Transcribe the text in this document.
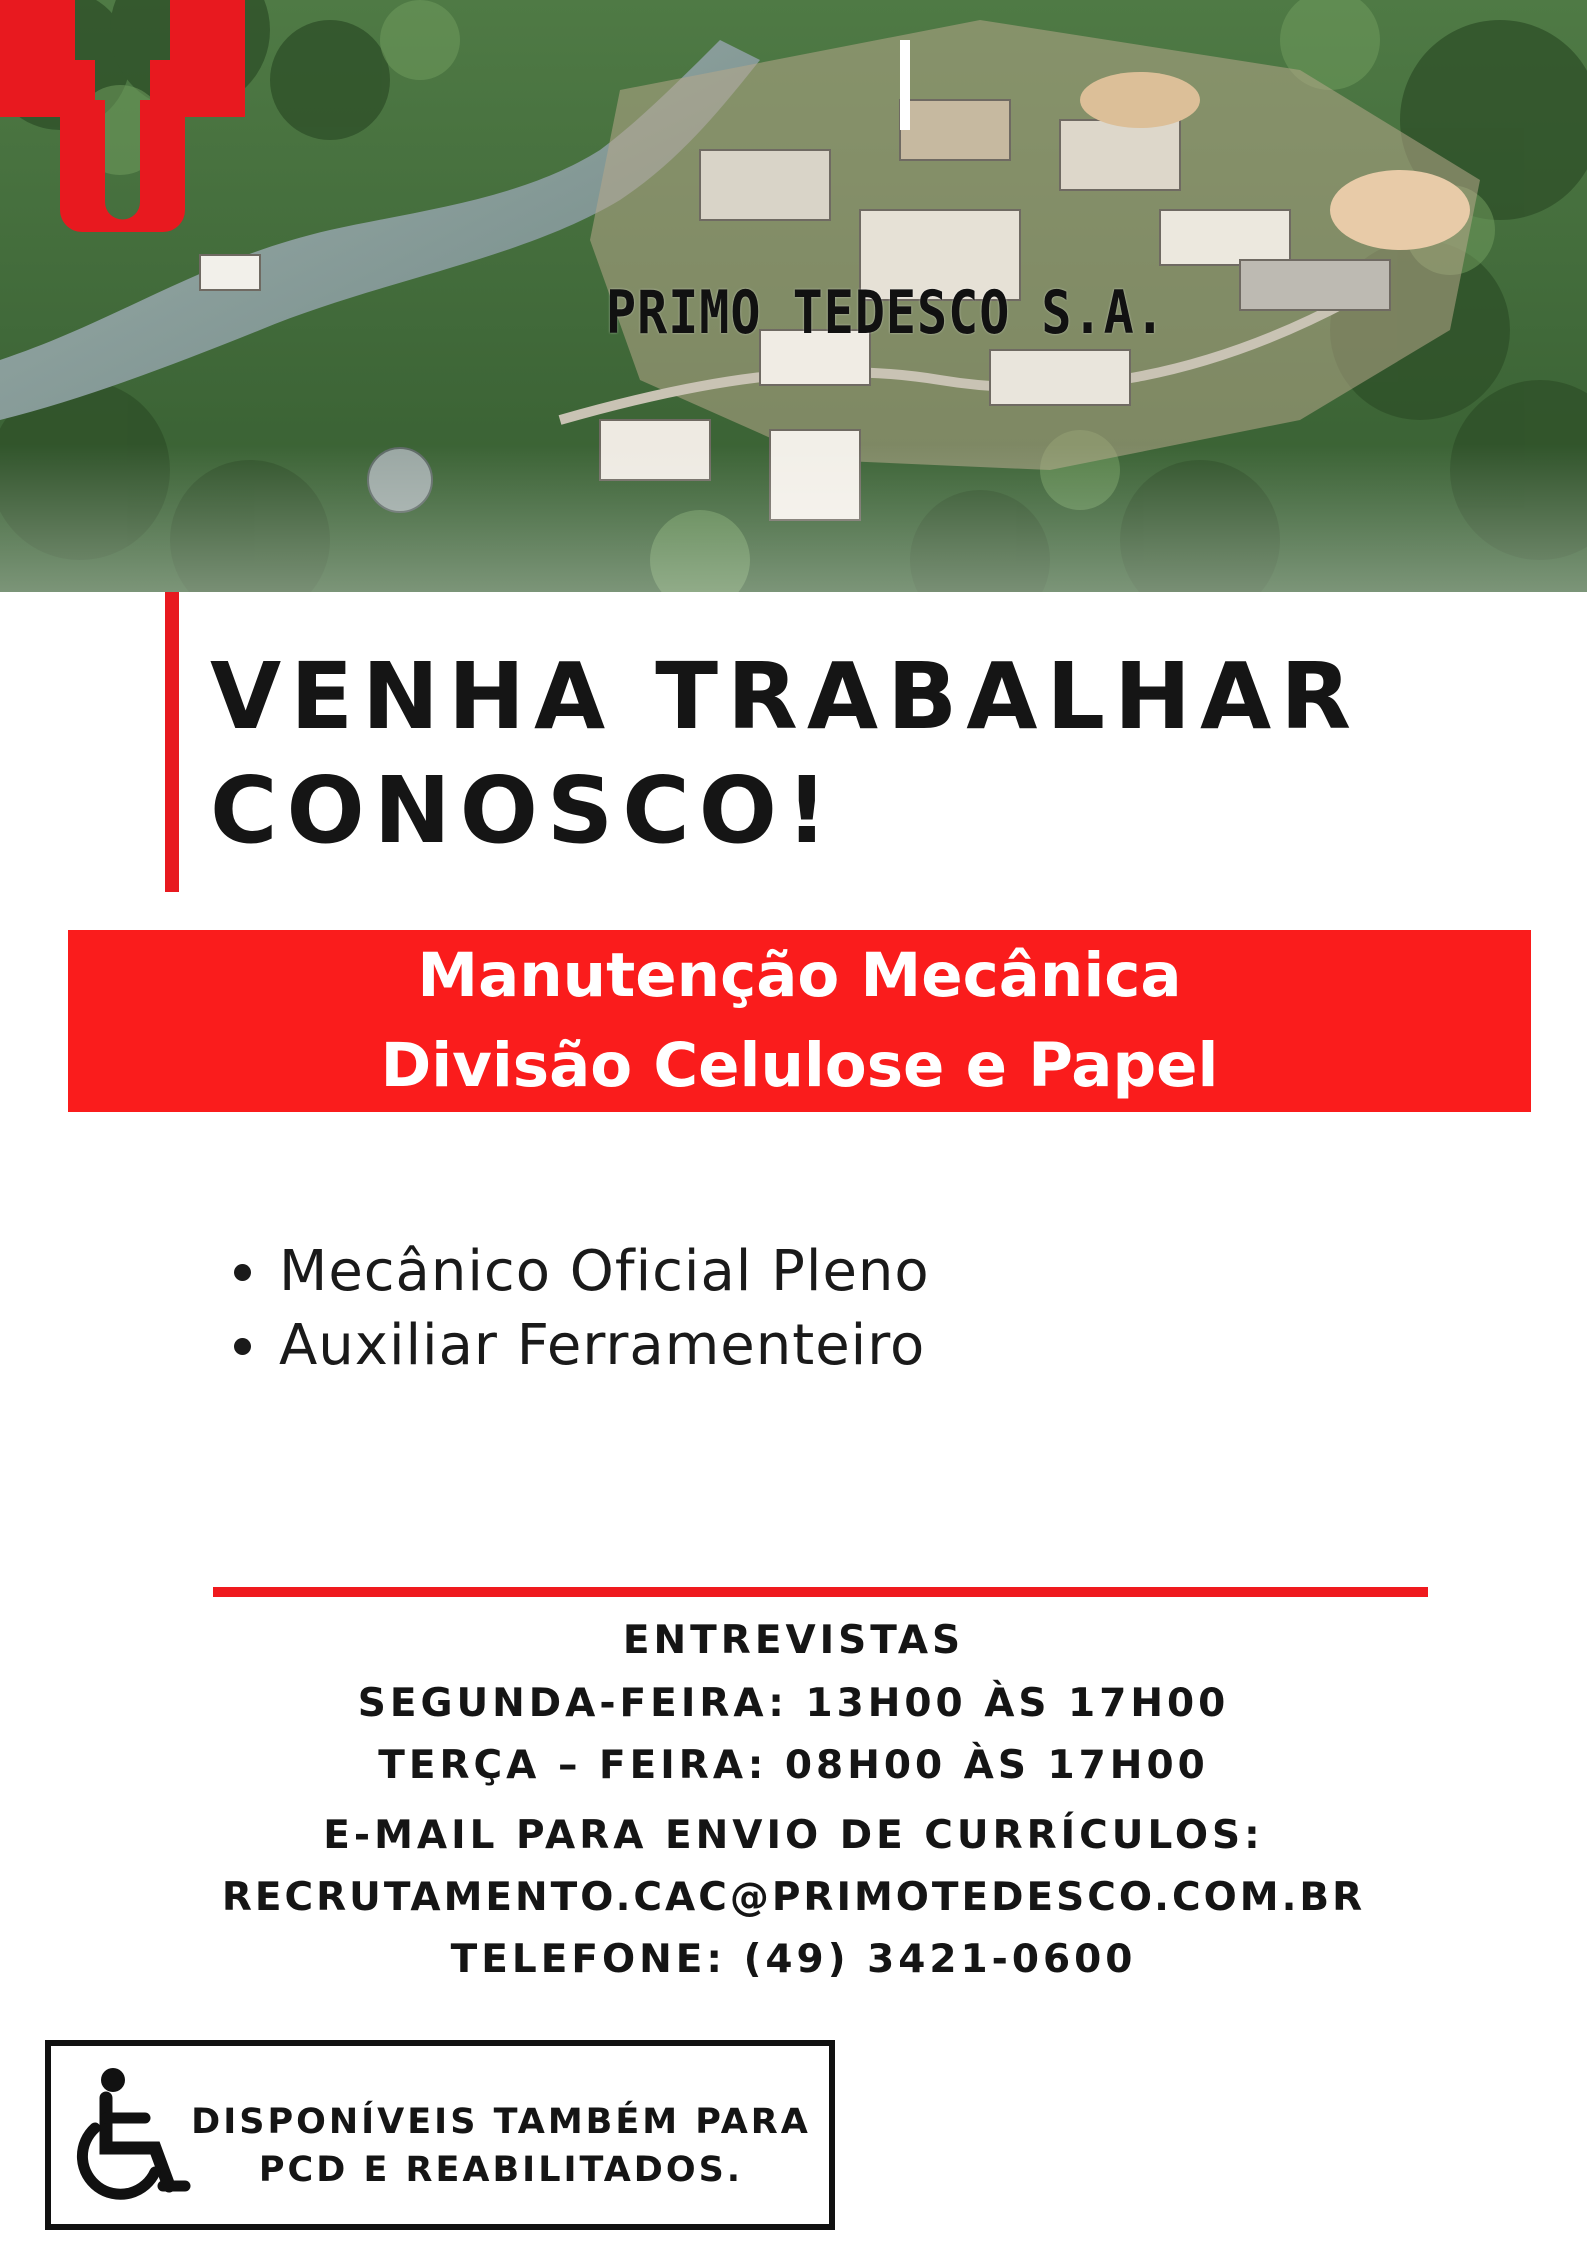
PRIMO TEDESCO S.A.
VENHA TRABALHAR
CONOSCO!
Manutenção Mecânica
Divisão Celulose e Papel
Mecânico Oficial Pleno
Auxiliar Ferramenteiro
ENTREVISTAS
SEGUNDA-FEIRA: 13H00 ÀS 17H00
TERÇA – FEIRA: 08H00 ÀS 17H00
E-MAIL PARA ENVIO DE CURRÍCULOS:
RECRUTAMENTO.CAC@PRIMOTEDESCO.COM.BR
TELEFONE: (49) 3421-0600
DISPONÍVEIS TAMBÉM PARA
PCD E REABILITADOS.
